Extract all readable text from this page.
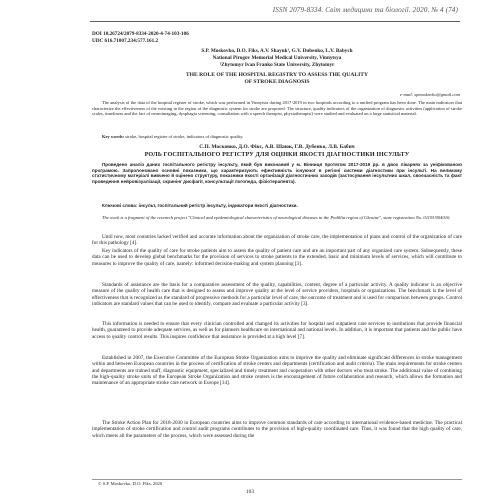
ISSN 2079-8334. Світ медицини та біології. 2020. № 4 (74)
DOI 10.26724/2079-8334-2020-4-74-103-106
UDC 616.71007.234:577.161.2
S.P. Moskovko, D.O. Fiks, A.V. Shayuk¹, G.V. Dubenko, L.V. Babych
National Pirogov Memorial Medical University, Vinnytsya
¹Zhytomyr Ivan Franko State University, Zhytomyr
THE ROLE OF THE HOSPITAL REGISTRY TO ASSESS THE QUALITY
OF STROKE DIAGNOSIS
e-mail: spmoskovko@gmail.com

The analysis of the data of the hospital register of stroke, which was performed in Vinnytsia during 2017-2019 in two hospitals according to a unified program has been done. The main indicators that characterize the effectiveness of the existing in the region of the diagnostic system for stroke are proposed. The structure, quality indicators of the organization of diagnostic activities (application of stroke scales, timeliness and the fact of neuroimaging, dysphagia screening, consultation with a speech therapist, physiotherapist) were studied and evaluated on a large statistical material.

Key words: stroke, hospital register of stroke, indicators of diagnostic quality.

С.П. Московко, Д.О. Фікс, А.В. Шаюк, Г.В. Дубенко, Л.В. Бабич
РОЛЬ ГОСПІТАЛЬНОГО РЕГІСТРУ ДЛЯ ОЦІНКИ ЯКОСТІ ДІАГНОСТИКИ ІНСУЛЬТУ

Проведено аналіз даних госпітального регістру інсульту, який був виконаний у м. Вінниця протягом 2017-2019 рр. в двох лікарнях за уніфікованою програмою. Запропоновано основні показники, що характеризують ефективність існуючої в регіоні системи діагностики при інсульті. На великому статистичному матеріалі вивчено й оцінено структуру, показники якості організації діагностичних заходів (застосування інсультних шкал, своєчасність та факт проведення нейровізуалізації, скринінг дисфагії, консультації логопеда, фізіотерапевта).

Ключові слова: інсульт, госпітальний регістр інсульту, індикатори якості діагностики.

The work is a fragment of the research project "Clinical and epidemiological characteristics of neurological diseases in the Podillia region of Ukraine", state registration No. 0119U004016.

Until now, most countries lacked verified and accurate information about the organization of stroke care, the implementation of plans and control of the organization of care for this pathology [4].

Key indicators of the quality of care for stroke patients aim to assess the quality of patient care and are an important part of any organized care system. Subsequently, these data can be used to develop global benchmarks for the provision of services to stroke patients to the extended, basic and minimum levels of services, which will contribute to measures to improve the quality of care, namely: informed decision-making and system planning [3].

Standards of assistance are the basis for a comparative assessment of the quality, capabilities, content, degree of a particular activity. A quality indicator is an objective measure of the quality of health care that is designed to assess and improve quality at the level of service providers, hospitals or organizations. The benchmark is the level of effectiveness that is recognized as the standard of progressive methods for a particular level of care, the outcome of treatment and is used for comparison between groups. Control indicators are standard values that can be used to identify, compare and evaluate a particular activity [3].

This information is needed to ensure that every clinician controlled and changed its activities for hospital and outpatient care services to institutions that provide financial health, guaranteed to provide adequate services, as well as for planners healthcare on international and national levels. In addition, it is important that patients and the public have access to quality control results. This inspires confidence that assistance is provided at a high level [7].

Established in 2007, the Executive Committee of the European Stroke Organization aims to improve the quality and eliminate significant differences in stroke management within and between European countries in the process of certification of stroke centers and departments (certification and audit criteria). The main requirements for stroke centers and departments are trained staff, diagnostic equipment, specialized and timely treatment and cooperation with other doctors who treat stroke. The additional value of combining the high-quality stroke units of the European Stroke Organization and stroke centers is the encouragement of future collaboration and research, which allows the formation and maintenance of an appropriate stroke care network in Europe [14].

The Stroke Action Plan for 2018-2030 in European countries aims to improve common standards of care according to international evidence-based medicine. The practical implementation of stroke certification and control audit programs contributes to the provision of high-quality coordinated care. Thus, it was found that the high quality of care, which meets all the parameters of the process, which were assessed during the

© S.P. Moskovko, D.O. Fiks, 2020
103
